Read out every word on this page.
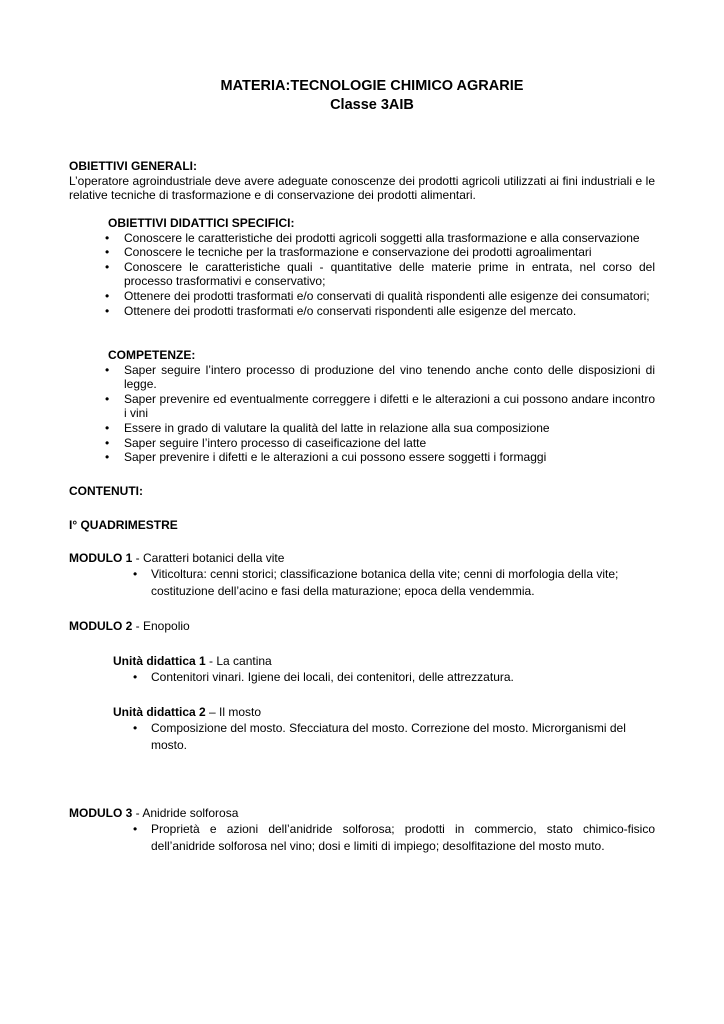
MATERIA:TECNOLOGIE CHIMICO AGRARIE
Classe 3AIB
OBIETTIVI GENERALI:
L’operatore agroindustriale deve avere adeguate conoscenze dei prodotti agricoli utilizzati ai fini industriali e le relative tecniche di trasformazione e di conservazione dei prodotti alimentari.
OBIETTIVI DIDATTICI SPECIFICI:
• Conoscere le caratteristiche dei prodotti agricoli soggetti alla trasformazione e alla conservazione
• Conoscere le tecniche per la trasformazione e conservazione dei prodotti agroalimentari
• Conoscere le caratteristiche quali - quantitative delle materie prime in entrata, nel corso del processo trasformativi e conservativo;
• Ottenere dei prodotti trasformati e/o conservati di qualità rispondenti alle esigenze dei consumatori;
• Ottenere dei prodotti trasformati e/o conservati rispondenti alle esigenze del mercato.
COMPETENZE:
• Saper seguire l’intero processo di produzione del vino tenendo anche conto delle disposizioni di legge.
• Saper prevenire ed eventualmente correggere i difetti e le alterazioni a cui possono andare incontro i vini
• Essere in grado di valutare la qualità del latte in relazione alla sua composizione
• Saper seguire l’intero processo di caseificazione del latte
• Saper prevenire i difetti e le alterazioni a cui possono essere soggetti i formaggi
CONTENUTI:
I° QUADRIMESTRE
MODULO 1 - Caratteri botanici della vite
• Viticoltura: cenni storici; classificazione botanica della vite; cenni di morfologia della vite; costituzione dell’acino e fasi della maturazione; epoca della vendemmia.
MODULO 2 - Enopolio
Unità didattica 1 - La cantina
• Contenitori vinari. Igiene dei locali, dei contenitori, delle attrezzatura.
Unità didattica 2 – Il mosto
• Composizione del mosto. Sfecciatura del mosto. Correzione del mosto. Microrganismi del mosto.
MODULO 3 - Anidride solforosa
• Proprietà e azioni dell’anidride solforosa; prodotti in commercio, stato chimico-fisico dell’anidride solforosa nel vino; dosi e limiti di impiego; desolfitazione del mosto muto.
